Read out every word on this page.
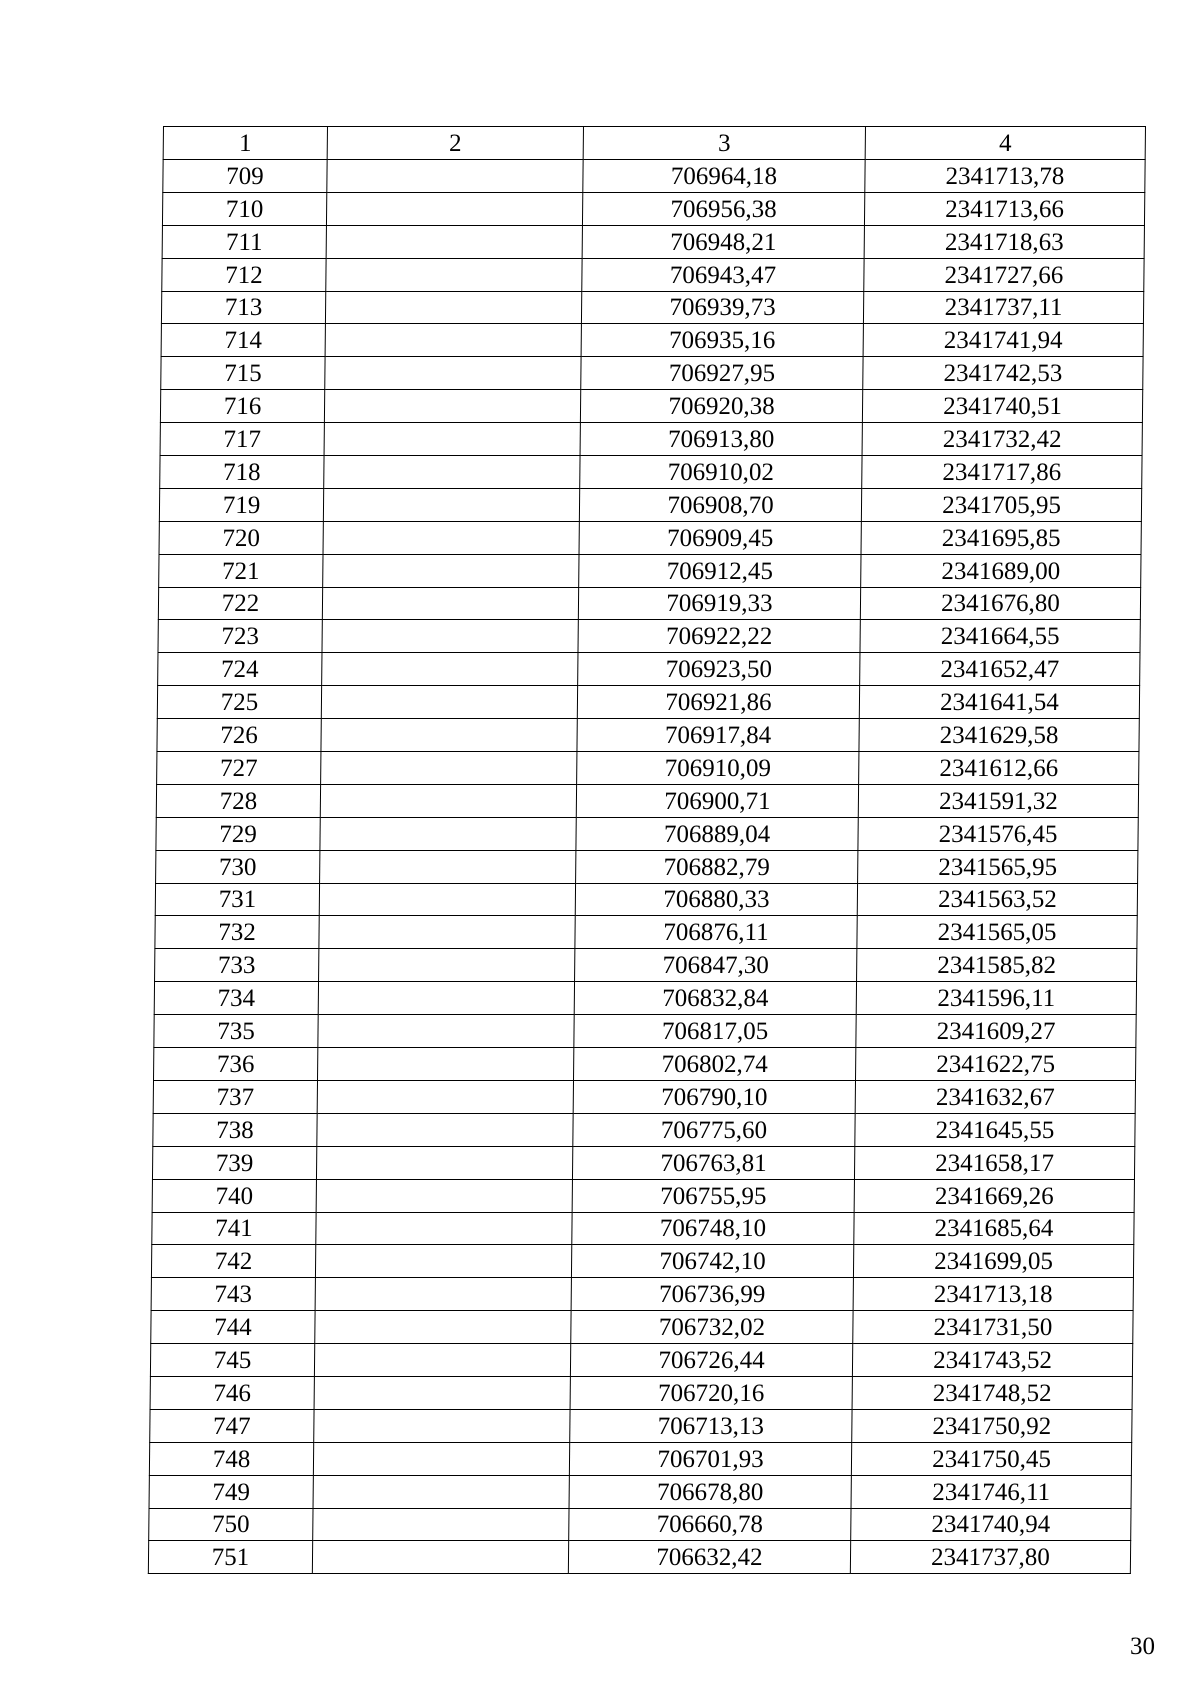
1	2	3	4
709		706964,18	2341713,78
710		706956,38	2341713,66
711		706948,21	2341718,63
712		706943,47	2341727,66
713		706939,73	2341737,11
714		706935,16	2341741,94
715		706927,95	2341742,53
716		706920,38	2341740,51
717		706913,80	2341732,42
718		706910,02	2341717,86
719		706908,70	2341705,95
720		706909,45	2341695,85
721		706912,45	2341689,00
722		706919,33	2341676,80
723		706922,22	2341664,55
724		706923,50	2341652,47
725		706921,86	2341641,54
726		706917,84	2341629,58
727		706910,09	2341612,66
728		706900,71	2341591,32
729		706889,04	2341576,45
730		706882,79	2341565,95
731		706880,33	2341563,52
732		706876,11	2341565,05
733		706847,30	2341585,82
734		706832,84	2341596,11
735		706817,05	2341609,27
736		706802,74	2341622,75
737		706790,10	2341632,67
738		706775,60	2341645,55
739		706763,81	2341658,17
740		706755,95	2341669,26
741		706748,10	2341685,64
742		706742,10	2341699,05
743		706736,99	2341713,18
744		706732,02	2341731,50
745		706726,44	2341743,52
746		706720,16	2341748,52
747		706713,13	2341750,92
748		706701,93	2341750,45
749		706678,80	2341746,11
750		706660,78	2341740,94
751		706632,42	2341737,80
30
